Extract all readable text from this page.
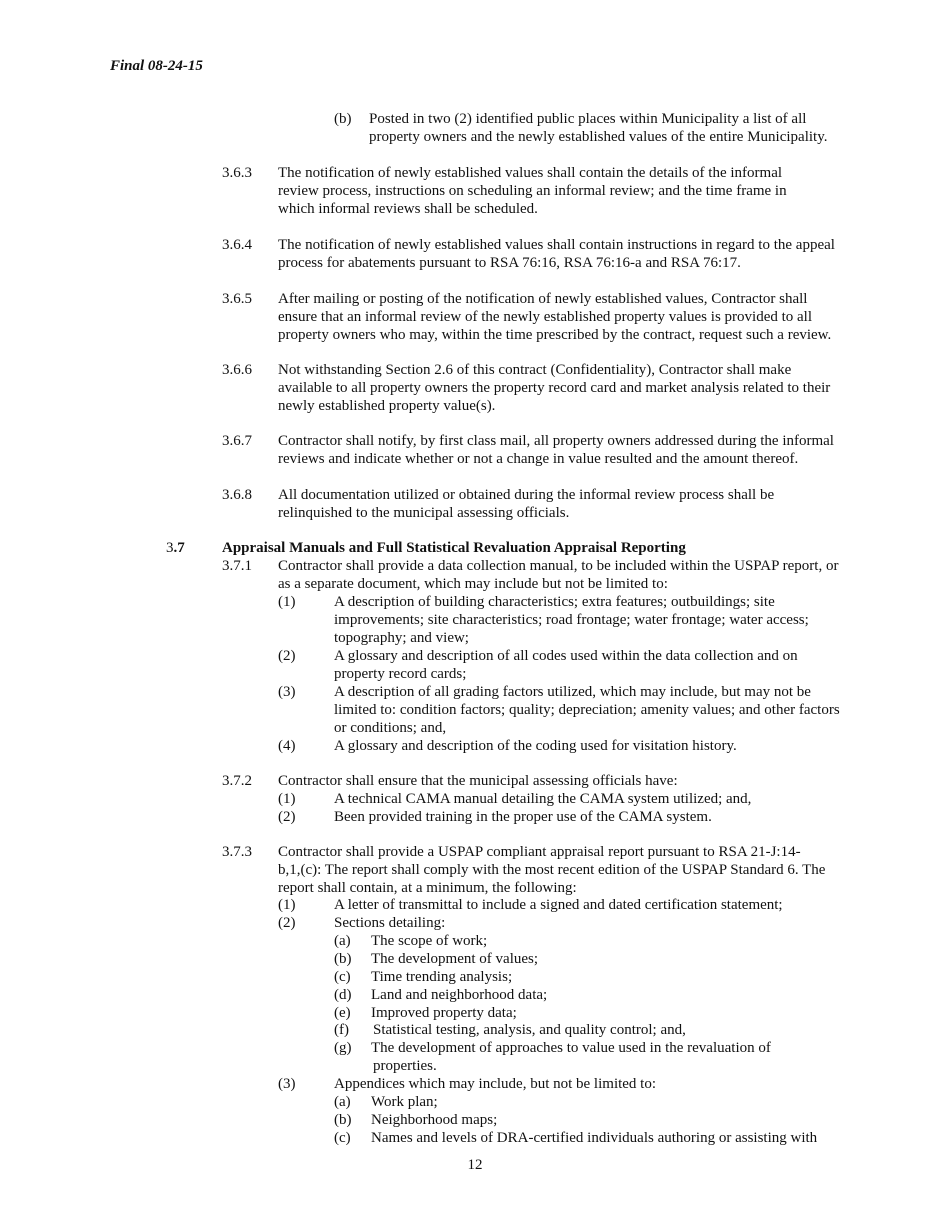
Final 08-24-15
(b) Posted in two (2) identified public places within Municipality a list of all
property owners and the newly established values of the entire Municipality.
3.6.3 The notification of newly established values shall contain the details of the informal
review process, instructions on scheduling an informal review; and the time frame in
which informal reviews shall be scheduled.
3.6.4 The notification of newly established values shall contain instructions in regard to the appeal
process for abatements pursuant to RSA 76:16, RSA 76:16-a and RSA 76:17.
3.6.5 After mailing or posting of the notification of newly established values, Contractor shall
ensure that an informal review of the newly established property values is provided to all
property owners who may, within the time prescribed by the contract, request such a review.
3.6.6 Not withstanding Section 2.6 of this contract (Confidentiality), Contractor shall make
available to all property owners the property record card and market analysis related to their
newly established property value(s).
3.6.7 Contractor shall notify, by first class mail, all property owners addressed during the informal
reviews and indicate whether or not a change in value resulted and the amount thereof.
3.6.8 All documentation utilized or obtained during the informal review process shall be
relinquished to the municipal assessing officials.
3.7 Appraisal Manuals and Full Statistical Revaluation Appraisal Reporting
3.7.1 Contractor shall provide a data collection manual, to be included within the USPAP report, or
as a separate document, which may include but not be limited to:
(1)	A description of building characteristics; extra features; outbuildings; site
improvements; site characteristics; road frontage; water frontage; water access;
topography; and view;
(2)	A glossary and description of all codes used within the data collection and on
property record cards;
(3)	A description of all grading factors utilized, which may include, but may not be
limited to: condition factors; quality; depreciation; amenity values; and other factors
or conditions; and,
(4)	A glossary and description of the coding used for visitation history.
3.7.2 Contractor shall ensure that the municipal assessing officials have:
(1)	A technical CAMA manual detailing the CAMA system utilized; and,
(2)	Been provided training in the proper use of the CAMA system.
3.7.3 Contractor shall provide a USPAP compliant appraisal report pursuant to RSA 21-J:14-
b,1,(c): The report shall comply with the most recent edition of the USPAP Standard 6. The
report shall contain, at a minimum, the following:
(1)	A letter of transmittal to include a signed and dated certification statement;
(2)	Sections detailing:
(a) The scope of work;
(b) The development of values;
(c) Time trending analysis;
(d) Land and neighborhood data;
(e) Improved property data;
(f) Statistical testing, analysis, and quality control; and,
(g) The development of approaches to value used in the revaluation of
properties.
(3)	Appendices which may include, but not be limited to:
(a) Work plan;
(b) Neighborhood maps;
(c) Names and levels of DRA-certified individuals authoring or assisting with
12
